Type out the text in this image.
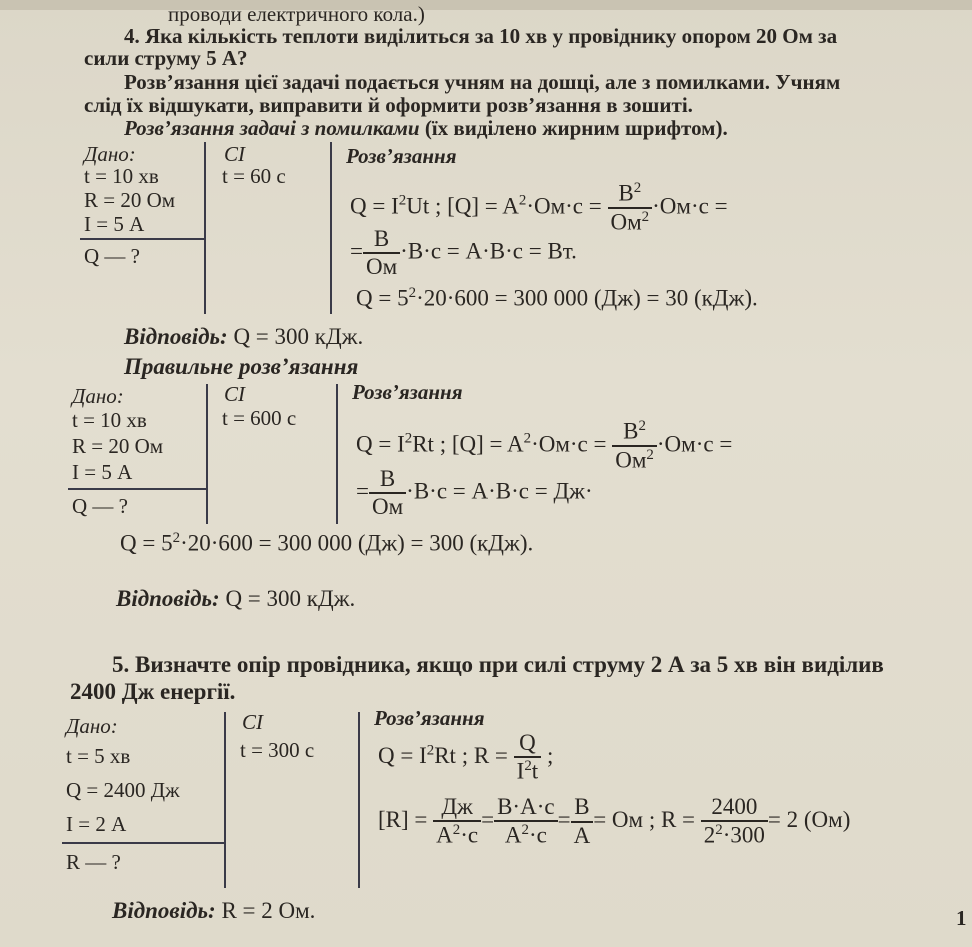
проводи електричного кола.)
4. Яка кількість теплоти виділиться за 10 хв у провіднику опором 20 Ом за
сили струму 5 А?
Розв’язання цієї задачі подається учням на дошці, але з помилками. Учням
слід їх відшукати, виправити й оформити розв’язання в зошиті.
Розв’язання задачі з помилками (їх виділено жирним шрифтом).
Дано:
t = 10 хв
R = 20 Ом
I = 5 А
Q — ?
СІ
t = 60 с
Розв’язання
$Q = I^2Ut$ ; $[Q] = A^2\cdot Ом\cdot с = \frac{В^2}{Ом^2} \cdot Ом\cdot с$ =
= $\frac{В}{Ом} \cdot В\cdot с = А\cdot В\cdot с$ = Вт.
$Q = 5^2\cdot 20\cdot 600 = 300$ 000 (Дж) = 30 (кДж).
Відповідь: Q = 300 кДж.
Правильне розв’язання
Дано:
t = 10 хв
R = 20 Ом
I = 5 А
Q — ?
СІ
t = 600 с
Розв’язання
$Q = I^2Rt$ ; $[Q] = A^2\cdot Ом\cdot с = \frac{В^2}{Ом^2} \cdot Ом\cdot с$ =
= $\frac{В}{Ом} \cdot В\cdot с = А\cdot В\cdot с = Дж\cdot$
$Q = 5^2\cdot 20\cdot 600 = 300$ 000 (Дж) = 300 (кДж).
Відповідь: Q = 300 кДж.
5. Визначте опір провідника, якщо при силі струму 2 А за 5 хв він виділив
2400 Дж енергії.
Дано:
t = 5 хв
Q = 2400 Дж
I = 2 А
R — ?
СІ
t = 300 с
Розв’язання
$Q = I^2Rt$ ; $R = \frac{Q}{I^2t}$ ;
$[R] = \frac{Дж}{А^2\cdot с} = \frac{В\cdot А\cdot с}{А^2\cdot с} = \frac{В}{А}$ = Ом ; $R = \frac{2400}{2^2\cdot 300} = 2$ (Ом)
Відповідь: R = 2 Ом.	1
